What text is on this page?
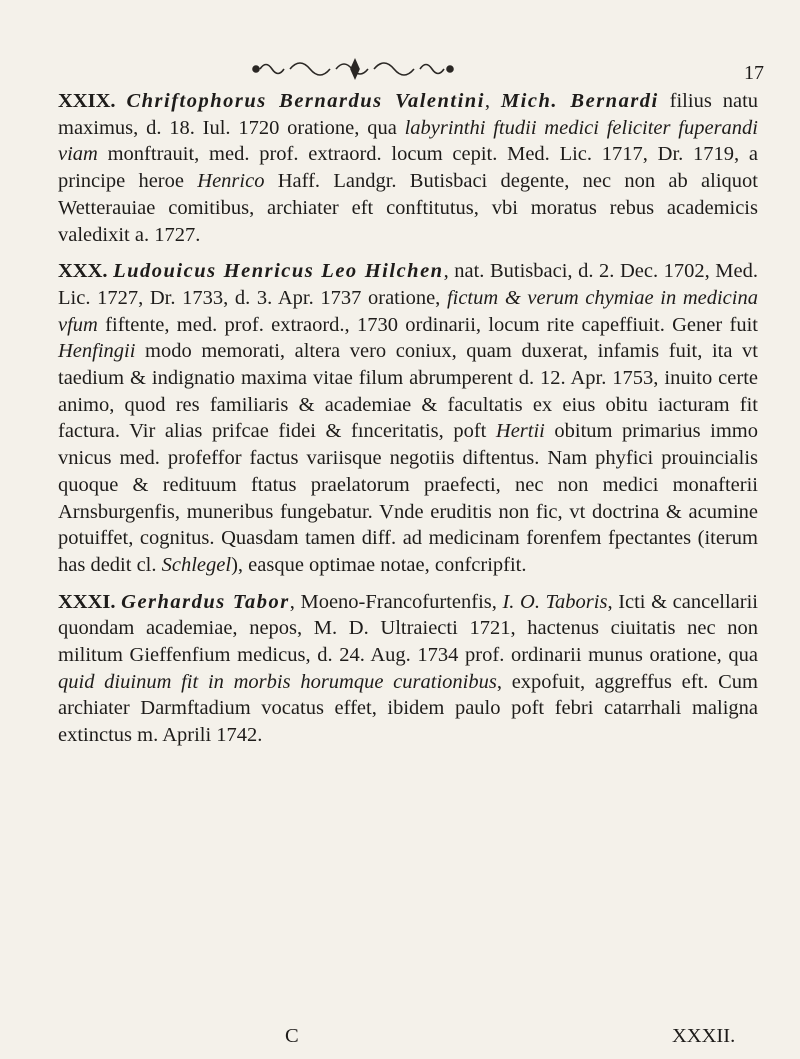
17

XXIX. Chriftophorus Bernardus Valentini, Mich. Bernardi filius natu maximus, d. 18. Iul. 1720 oratione, qua labyrinthi ftudii medici feliciter fuperandi viam monftrauit, med. prof. extraord. locum cepit. Med. Lic. 1717, Dr. 1719, a principe heroe Henrico Haff. Landgr. Butisbaci degente, nec non ab aliquot Wetterauiae comitibus, archiater eft conftitutus, vbi moratus rebus academicis valedixit a. 1727.

XXX. Ludouicus Henricus Leo Hilchen, nat. Butisbaci, d. 2. Dec. 1702, Med. Lic. 1727, Dr. 1733, d. 3. Apr. 1737 oratione, fictum & verum chymiae in medicina vfum fiftente, med. prof. extraord., 1730 ordinarii, locum rite capeffiuit. Gener fuit Henfingii modo memorati, altera vero coniux, quam duxerat, infamis fuit, ita vt taedium & indignatio maxima vitae filum abrumperent d. 12. Apr. 1753, inuito certe animo, quod res familiaris & academiae & facultatis ex eius obitu iacturam fit factura. Vir alias prifcae fidei & fınceritatis, poft Hertii obitum primarius immo vnicus med. profeffor factus variisque negotiis diftentus. Nam phyfici prouincialis quoque & redituum ftatus praelatorum praefecti, nec non medici monafterii Arnsburgenfis, muneribus fungebatur. Vnde eruditis non fic, vt doctrina & acumine potuiffet, cognitus. Quasdam tamen diff. ad medicinam forenfem fpectantes (iterum has dedit cl. Schlegel), easque optimae notae, confcripfit.

XXXI. Gerhardus Tabor, Moeno-Francofurtenfis, I. O. Taboris, Icti & cancellarii quondam academiae, nepos, M. D. Ultraiecti 1721, hactenus ciuitatis nec non militum Gieffenfium medicus, d. 24. Aug. 1734 prof. ordinarii munus oratione, qua quid diuinum fit in morbis horumque curationibus, expofuit, aggreffus eft. Cum archiater Darmftadium vocatus effet, ibidem paulo poft febri catarrhali maligna extinctus m. Aprili 1742.

C	XXXII.
